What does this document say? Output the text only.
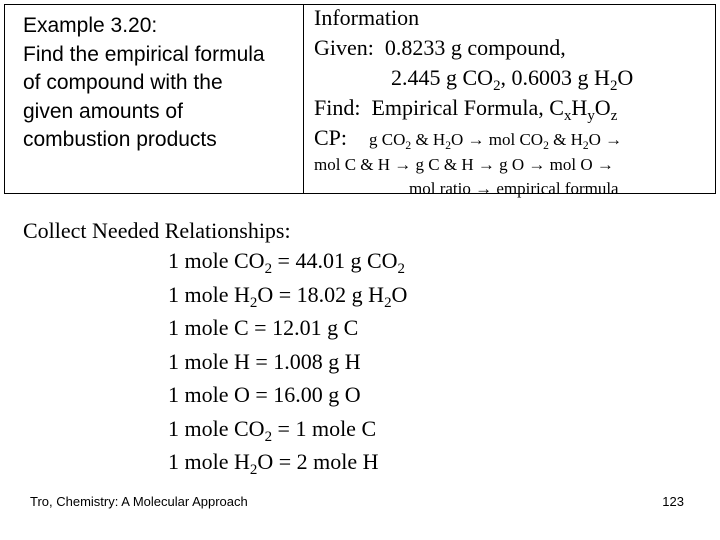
Example 3.20:
Find the empirical formula
of compound with the
given amounts of
combustion products
Information
Given: 0.8233 g compound,
2.445 g $CO_2$, 0.6003 g $H_2O$
Find: Empirical Formula, $C_xH_yO_z$
CP: g $CO_2$ & $H_2O$ → mol $CO_2$ & $H_2O$ →
mol C & H → g C & H → g O → mol O →
mol ratio → empirical formula
Collect Needed Relationships:
1 mole $CO_2 = 44.01$ g $CO_2$
1 mole $H_2O = 18.02$ g $H_2O$
1 mole C = 12.01 g C
1 mole H = 1.008 g H
1 mole O = 16.00 g O
1 mole $CO_2 = 1$ mole C
1 mole $H_2O = 2$ mole H
Tro, Chemistry: A Molecular Approach	123
